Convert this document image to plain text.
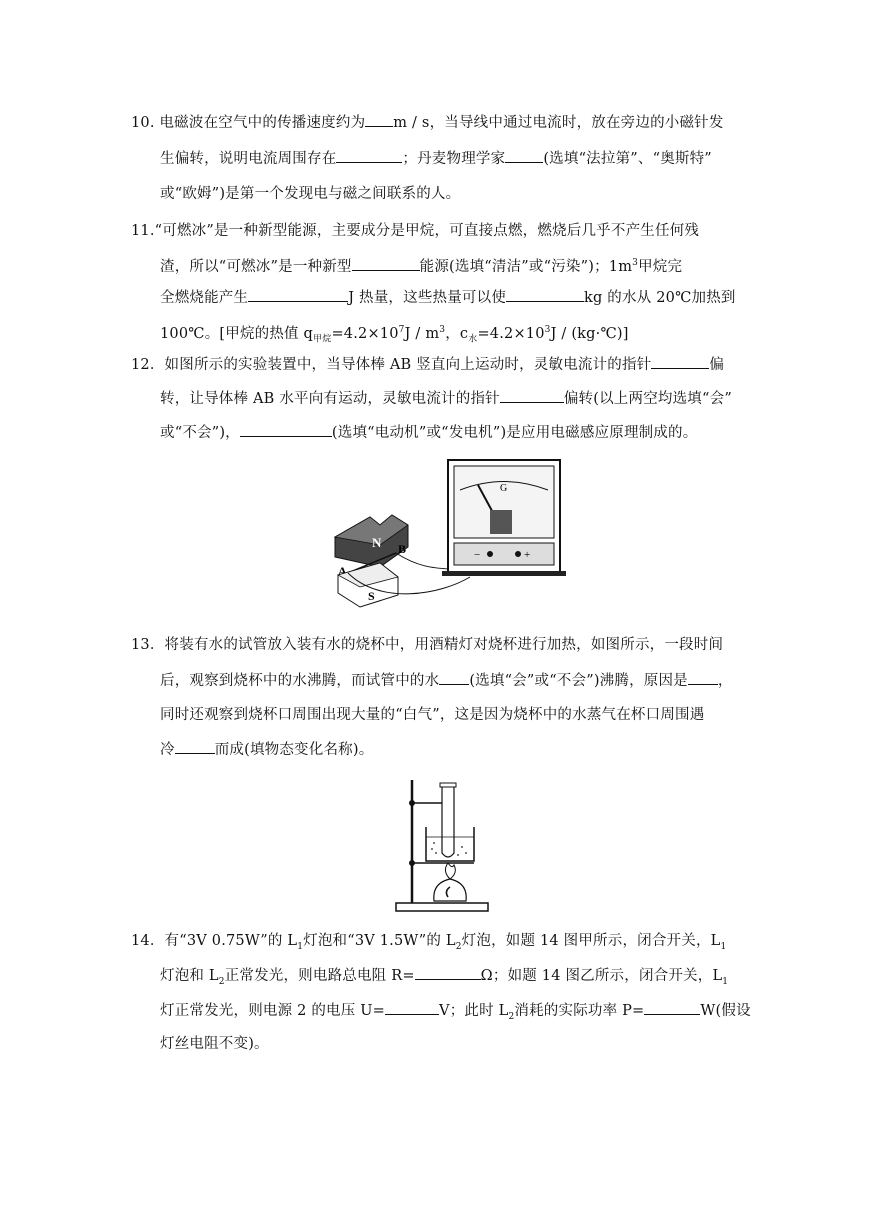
10. 电磁波在空气中的传播速度约为 m / s，当导线中通过电流时，放在旁边的小磁针发
生偏转，说明电流周围存在	；丹麦物理学家	(选填“法拉第”、“奥斯特”
或“欧姆”)是第一个发现电与磁之间联系的人。
11.“可燃冰”是一种新型能源，主要成分是甲烷，可直接点燃，燃烧后几乎不产生任何残
渣，所以“可燃冰”是一种新型	能源(选填“清洁”或“污染”)；$1m^3$甲烷完
全燃烧能产生	J 热量，这些热量可以使	kg 的水从 20℃加热到
100℃。[甲烷的热值 $q_{甲烷}=4.2\times 10^7J / m^3$，$c_水=4.2\times 10^3J$ / (kg·℃)]
12．如图所示的实验装置中，当导体棒 AB 竖直向上运动时，灵敏电流计的指针	偏
转，让导体棒 AB 水平向有运动，灵敏电流计的指针	偏转(以上两空均选填“会”
或“不会”)，	(选填“电动机”或“发电机”)是应用电磁感应原理制成的。
N
A
B
S
G
−	+
13．将装有水的试管放入装有水的烧杯中，用酒精灯对烧杯进行加热，如图所示，一段时间
后，观察到烧杯中的水沸腾，而试管中的水 (选填“会”或“不会”)沸腾，原因是 ，
同时还观察到烧杯口周围出现大量的“白气”，这是因为烧杯中的水蒸气在杯口周围遇
冷	而成(填物态变化名称)。
14．有“3V 0.75W”的 $L_1$灯泡和“3V 1.5W”的 $L_2$灯泡，如题 14 图甲所示，闭合开关，$L_1$
灯泡和 $L_2$正常发光，则电路总电阻 R=	Ω；如题 14 图乙所示，闭合开关，$L_1$
灯正常发光，则电源 2 的电压 U=	V；此时 $L_2$消耗的实际功率 P=	W(假设
灯丝电阻不变)。
